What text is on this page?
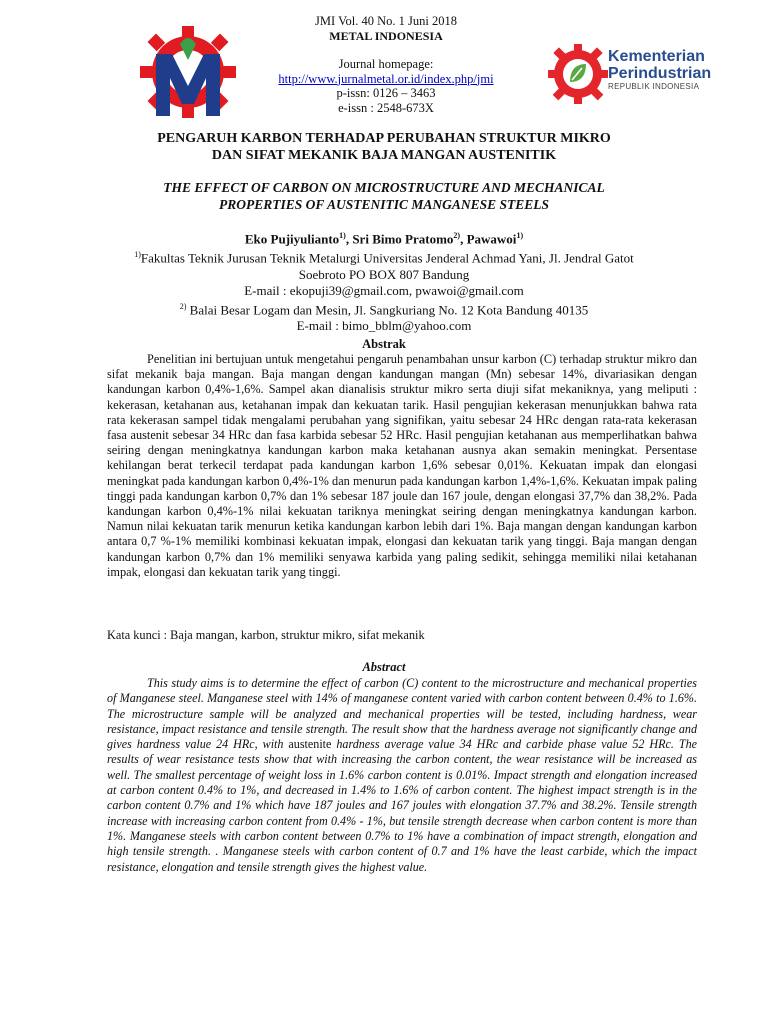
JMI Vol. 40 No. 1 Juni 2018
METAL INDONESIA
Journal homepage:
http://www.jurnalmetal.or.id/index.php/jmi
p-issn: 0126 – 3463
e-issn : 2548-673X
Kementerian
Perindustrian
REPUBLIK INDONESIA
PENGARUH KARBON TERHADAP PERUBAHAN STRUKTUR MIKRO
DAN SIFAT MEKANIK BAJA MANGAN AUSTENITIK
THE EFFECT OF CARBON ON MICROSTRUCTURE AND MECHANICAL
PROPERTIES OF AUSTENITIC MANGANESE STEELS
Eko Pujiyulianto$^{1)}$, Sri Bimo Pratomo$^{2)}$, Pawawoi$^{1)}$
$^{1)}$Fakultas Teknik Jurusan Teknik Metalurgi Universitas Jenderal Achmad Yani, Jl. Jendral Gatot
Soebroto PO BOX 807 Bandung
E-mail : ekopuji39@gmail.com, pwawoi@gmail.com
$^{2)}$ Balai Besar Logam dan Mesin, Jl. Sangkuriang No. 12 Kota Bandung 40135
E-mail : bimo_bblm@yahoo.com
Abstrak
Penelitian ini bertujuan untuk mengetahui pengaruh penambahan unsur karbon (C) terhadap struktur mikro dan sifat mekanik baja mangan. Baja mangan dengan kandungan mangan (Mn) sebesar 14%, divariasikan dengan kandungan karbon 0,4%-1,6%. Sampel akan dianalisis struktur mikro serta diuji sifat mekaniknya, yang meliputi : kekerasan, ketahanan aus, ketahanan impak dan kekuatan tarik. Hasil pengujian kekerasan menunjukkan bahwa rata rata kekerasan sampel tidak mengalami perubahan yang signifikan, yaitu sebesar 24 HRc dengan rata-rata kekerasan fasa austenit sebesar 34 HRc dan fasa karbida sebesar 52 HRc. Hasil pengujian ketahanan aus memperlihatkan bahwa seiring dengan meningkatnya kandungan karbon maka ketahanan ausnya akan semakin meningkat. Persentase kehilangan berat terkecil terdapat pada kandungan karbon 1,6% sebesar 0,01%. Kekuatan impak dan elongasi meningkat pada kandungan karbon 0,4%-1% dan menurun pada kandungan karbon 1,4%-1,6%. Kekuatan impak paling tinggi pada kandungan karbon 0,7% dan 1% sebesar 187 joule dan 167 joule, dengan elongasi 37,7% dan 38,2%. Pada kandungan karbon 0,4%-1% nilai kekuatan tariknya meningkat seiring dengan meningkatnya kandungan karbon. Namun nilai kekuatan tarik menurun ketika kandungan karbon lebih dari 1%. Baja mangan dengan kandungan karbon antara 0,7 %-1% memiliki kombinasi kekuatan impak, elongasi dan kekuatan tarik yang tinggi. Baja mangan dengan kandungan karbon 0,7% dan 1% memiliki senyawa karbida yang paling sedikit, sehingga memiliki nilai ketahanan impak, elongasi dan kekuatan tarik yang tinggi.
Kata kunci : Baja mangan, karbon, struktur mikro, sifat mekanik
Abstract
This study aims is to determine the effect of carbon (C) content to the microstructure and mechanical properties of Manganese steel. Manganese steel with 14% of manganese content varied with carbon content between 0.4% to 1.6%. The microstructure sample will be analyzed and mechanical properties will be tested, including hardness, wear resistance, impact resistance and tensile strength. The result show that the hardness average not significantly change and gives hardness value 24 HRc, with austenite hardness average value 34 HRc and carbide phase value 52 HRc. The results of wear resistance tests show that with increasing the carbon content, the wear resistance will be increased as well. The smallest percentage of weight loss in 1.6% carbon content is 0.01%. Impact strength and elongation increased at carbon content 0.4% to 1%, and decreased in 1.4% to 1.6% of carbon content. The highest impact strength is in the carbon content 0.7% and 1% which have 187 joules and 167 joules with elongation 37.7% and 38.2%. Tensile strength increase with increasing carbon content from 0.4% - 1%, but tensile strength decrease when carbon content is more than 1%. Manganese steels with carbon content between 0.7% to 1% have a combination of impact strength, elongation and high tensile strength. . Manganese steels with carbon content of 0.7 and 1% have the least carbide, which the impact resistance, elongation and tensile strength gives the highest value.
